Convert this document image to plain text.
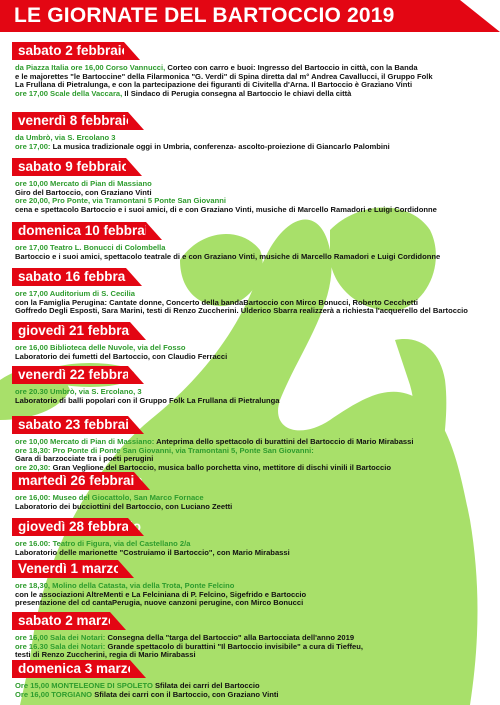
LE GIORNATE DEL BARTOCCIO 2019
sabato 2 febbraio
da Piazza Italia ore 16,00 Corso Vannucci, Corteo con carro e buoi: Ingresso del Bartoccio in città, con la Banda
e le majorettes "le Bartoccine" della Filarmonica "G. Verdi" di Spina diretta dal m° Andrea Cavallucci, il Gruppo Folk
La Frullana di Pietralunga, e con la partecipazione dei figuranti di Civitella d'Arna. Il Bartoccio è Graziano Vinti
ore 17,00 Scale della Vaccara, Il Sindaco di Perugia consegna al Bartoccio le chiavi della città
venerdì 8 febbraio
da Umbrò, via S. Ercolano 3
ore 17,00: La musica tradizionale oggi in Umbria, conferenza- ascolto-proiezione di Giancarlo Palombini
sabato 9 febbraio
ore 10,00 Mercato di Pian di Massiano
Giro del Bartoccio, con Graziano Vinti
ore 20,00, Pro Ponte, via Tramontani 5 Ponte San Giovanni
cena e spettacolo Bartoccio e i suoi amici, di e con Graziano Vinti, musiche di Marcello Ramadori e Luigi Cordidonne
domenica 10 febbraio
ore 17,00 Teatro L. Bonucci di Colombella
Bartoccio e i suoi amici, spettacolo teatrale di e con Graziano Vinti, musiche di Marcello Ramadori e Luigi Cordidonne
sabato 16 febbraio
ore 17,00 Auditorium di S. Cecilia
con la Famiglia Perugina: Cantate donne, Concerto della bandaBartoccio con Mirco Bonucci, Roberto Cecchetti
Goffredo Degli Esposti, Sara Marini, testi di Renzo Zuccherini. Ulderico Sbarra realizzerà a richiesta l'acquerello del Bartoccio
giovedì 21 febbraio
ore 16,00 Biblioteca delle Nuvole, via del Fosso
Laboratorio dei fumetti del Bartoccio, con Claudio Ferracci
venerdì 22 febbraio
ore 20.30 Umbrò, via S. Ercolano, 3
Laboratorio di balli popolari con il Gruppo Folk La Frullana di Pietralunga
sabato 23 febbraio
ore 10,00 Mercato di Pian di Massiano: Anteprima dello spettacolo di burattini del Bartoccio di Mario Mirabassi
ore 18,30: Pro Ponte di Ponte San Giovanni, via Tramontani 5, Ponte San Giovanni:
Gara di barzocciate tra i poeti perugini
ore 20,30: Gran Veglione del Bartoccio, musica ballo porchetta vino, mettitore di dischi vinili il Bartoccio
martedì 26 febbraio
ore 16,00: Museo del Giocattolo, San Marco Fornace
Laboratorio dei bucciottini del Bartoccio, con Luciano Zeetti
giovedì 28 febbraio
ore 16.00: Teatro di Figura, via del Castellano 2/a
Laboratorio delle marionette "Costruiamo il Bartoccio", con Mario Mirabassi
Venerdì 1 marzo
ore 18,30, Molino della Catasta, via della Trota, Ponte Felcino
con le associazioni AltreMenti e La Felciniana di P. Felcino, Sigefrido e Bartoccio
presentazione del cd cantaPerugia, nuove canzoni perugine, con Mirco Bonucci
sabato 2 marzo
ore 16,00 Sala dei Notari: Consegna della "targa del Bartoccio" alla Bartocciata dell'anno 2019
ore 16.30 Sala dei Notari: Grande spettacolo di burattini "Il Bartoccio invisibile" a cura di Tieffeu,
testi di Renzo Zuccherini, regia di Mario Mirabassi
domenica 3 marzo
Ore 15,00 MONTELEONE DI SPOLETO Sfilata dei carri del Bartoccio
Ore 16,00 TORGIANO Sfilata dei carri con il Bartoccio, con Graziano Vinti
